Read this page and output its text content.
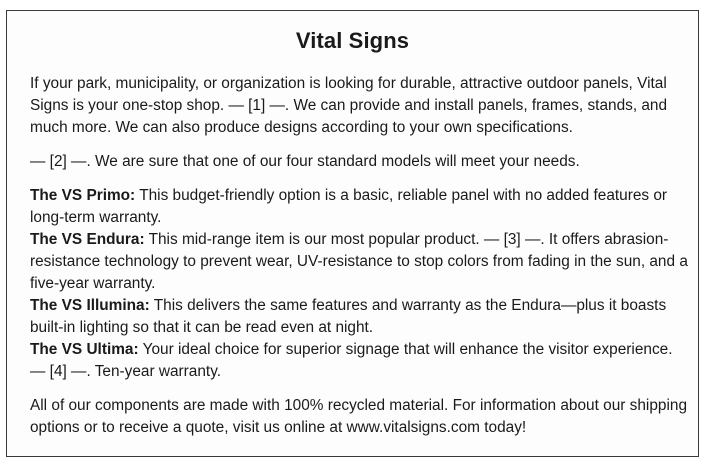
Vital Signs

If your park, municipality, or organization is looking for durable, attractive outdoor panels, Vital Signs is your one-stop shop. — [1] —. We can provide and install panels, frames, stands, and much more. We can also produce designs according to your own specifications.

— [2] —. We are sure that one of our four standard models will meet your needs.

The VS Primo: This budget-friendly option is a basic, reliable panel with no added features or long-term warranty.

The VS Endura: This mid-range item is our most popular product. — [3] —. It offers abrasion-resistance technology to prevent wear, UV-resistance to stop colors from fading in the sun, and a five-year warranty.

The VS Illumina: This delivers the same features and warranty as the Endura—plus it boasts built-in lighting so that it can be read even at night.

The VS Ultima: Your ideal choice for superior signage that will enhance the visitor experience. — [4] —. Ten-year warranty.

All of our components are made with 100% recycled material. For information about our shipping options or to receive a quote, visit us online at www.vitalsigns.com today!
